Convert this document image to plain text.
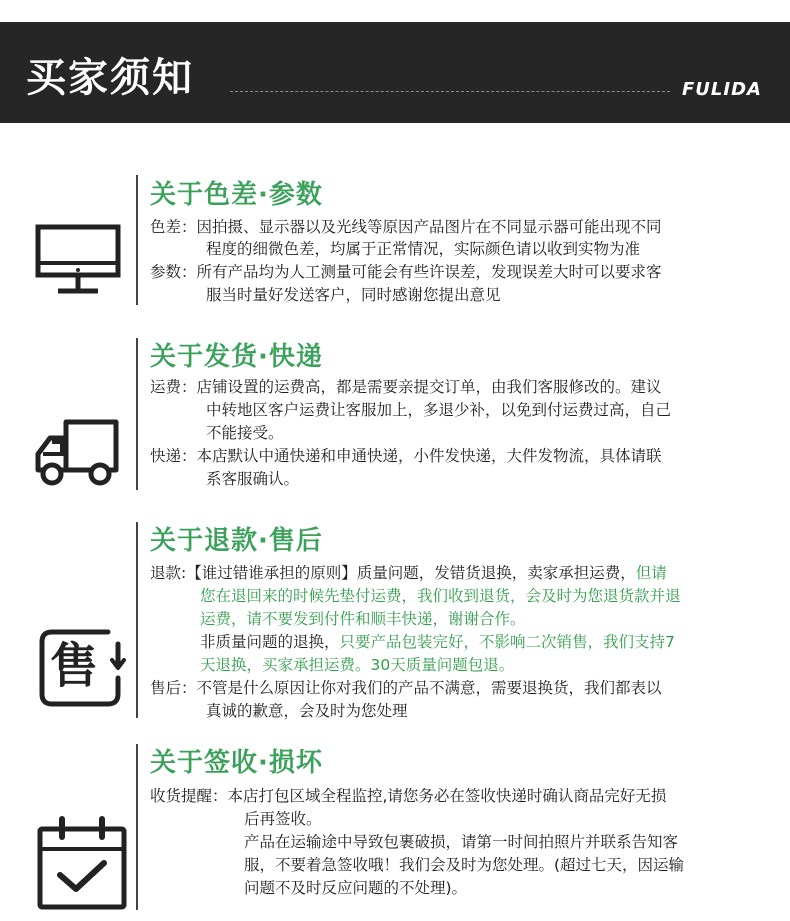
买家须知	FULIDA
关于色差·参数
色差：因拍摄、显示器以及光线等原因产品图片在不同显示器可能出现不同
程度的细微色差，均属于正常情况，实际颜色请以收到实物为准
参数：所有产品均为人工测量可能会有些许误差，发现误差大时可以要求客
服当时量好发送客户，同时感谢您提出意见
关于发货·快递
运费：店铺设置的运费高，都是需要亲提交订单，由我们客服修改的。建议
中转地区客户运费让客服加上，多退少补，以免到付运费过高，自己
不能接受。
快递：本店默认中通快递和申通快递，小件发快递，大件发物流，具体请联
系客服确认。
售
关于退款·售后
退款:【谁过错谁承担的原则】质量问题，发错货退换，卖家承担运费，但请
您在退回来的时候先垫付运费，我们收到退货，会及时为您退货款并退
运费，请不要发到付件和顺丰快递，谢谢合作。
非质量问题的退换，只要产品包装完好，不影响二次销售，我们支持7
天退换，买家承担运费。30天质量问题包退。
售后：不管是什么原因让你对我们的产品不满意，需要退换货，我们都表以
真诚的歉意，会及时为您处理
关于签收·损坏
收货提醒：本店打包区域全程监控,请您务必在签收快递时确认商品完好无损
后再签收。
产品在运输途中导致包裹破损，请第一时间拍照片并联系告知客
服，不要着急签收哦！我们会及时为您处理。(超过七天，因运输
问题不及时反应问题的不处理)。
